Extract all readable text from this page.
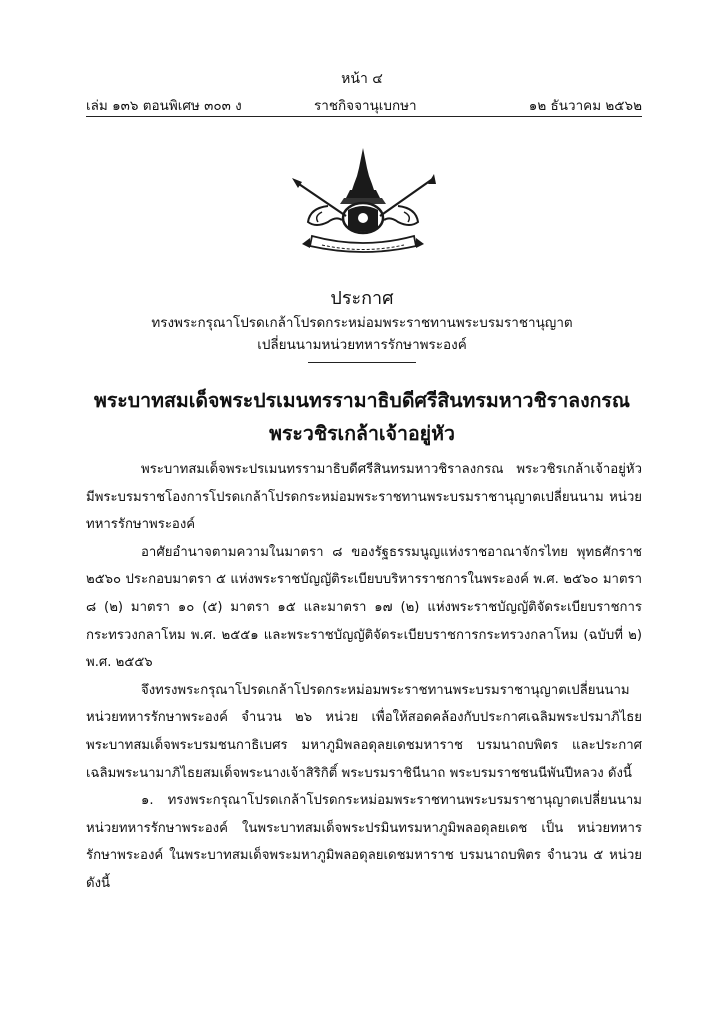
หน้า ๔
เล่ม ๑๓๖ ตอนพิเศษ ๓๐๓ ง	ราชกิจจานุเบกษา	๑๒ ธันวาคม ๒๕๖๒
ประกาศ
ทรงพระกรุณาโปรดเกล้าโปรดกระหม่อมพระราชทานพระบรมราชานุญาต
เปลี่ยนนามหน่วยทหารรักษาพระองค์
พระบาทสมเด็จพระปรเมนทรรามาธิบดีศรีสินทรมหาวชิราลงกรณ
พระวชิรเกล้าเจ้าอยู่หัว

พระบาทสมเด็จพระปรเมนทรรามาธิบดีศรีสินทรมหาวชิราลงกรณ พระวชิรเกล้าเจ้าอยู่หัว มีพระบรมราชโองการโปรดเกล้าโปรดกระหม่อมพระราชทานพระบรมราชานุญาตเปลี่ยนนาม หน่วยทหารรักษาพระองค์

อาศัยอำนาจตามความในมาตรา ๘ ของรัฐธรรมนูญแห่งราชอาณาจักรไทย พุทธศักราช ๒๕๖๐ ประกอบมาตรา ๕ แห่งพระราชบัญญัติระเบียบบริหารราชการในพระองค์ พ.ศ. ๒๕๖๐ มาตรา ๘ (๒) มาตรา ๑๐ (๕) มาตรา ๑๕ และมาตรา ๑๗ (๒) แห่งพระราชบัญญัติจัดระเบียบราชการกระทรวงกลาโหม พ.ศ. ๒๕๕๑ และพระราชบัญญัติจัดระเบียบราชการกระทรวงกลาโหม (ฉบับที่ ๒) พ.ศ. ๒๕๕๖

จึงทรงพระกรุณาโปรดเกล้าโปรดกระหม่อมพระราชทานพระบรมราชานุญาตเปลี่ยนนาม หน่วยทหารรักษาพระองค์ จำนวน ๒๖ หน่วย เพื่อให้สอดคล้องกับประกาศเฉลิมพระปรมาภิไธย พระบาทสมเด็จพระบรมชนกาธิเบศร มหาภูมิพลอดุลยเดชมหาราช บรมนาถบพิตร และประกาศ เฉลิมพระนามาภิไธยสมเด็จพระนางเจ้าสิริกิติ์ พระบรมราชินีนาถ พระบรมราชชนนีพันปีหลวง ดังนี้

๑. ทรงพระกรุณาโปรดเกล้าโปรดกระหม่อมพระราชทานพระบรมราชานุญาตเปลี่ยนนาม หน่วยทหารรักษาพระองค์ ในพระบาทสมเด็จพระปรมินทรมหาภูมิพลอดุลยเดช เป็น หน่วยทหาร รักษาพระองค์ ในพระบาทสมเด็จพระมหาภูมิพลอดุลยเดชมหาราช บรมนาถบพิตร จำนวน ๕ หน่วย ดังนี้
